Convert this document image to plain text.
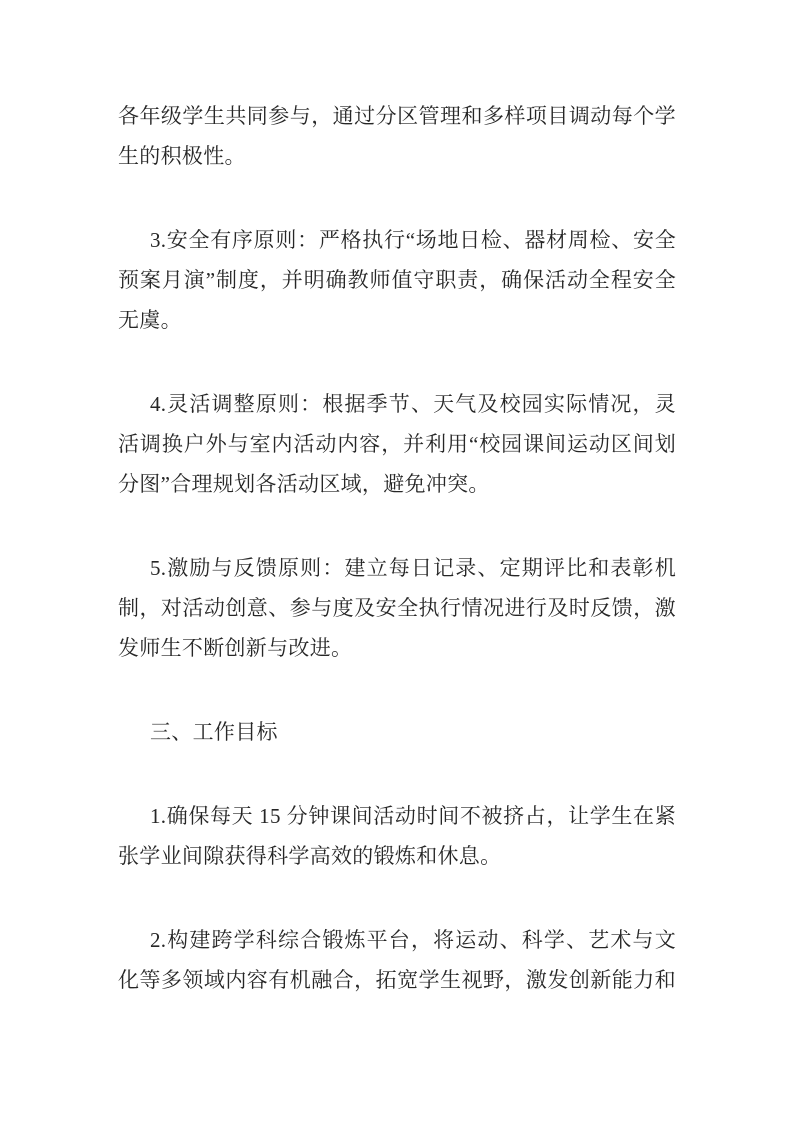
各年级学生共同参与，通过分区管理和多样项目调动每个学生的积极性。

3.安全有序原则：严格执行“场地日检、器材周检、安全预案月演”制度，并明确教师值守职责，确保活动全程安全无虞。

4.灵活调整原则：根据季节、天气及校园实际情况，灵活调换户外与室内活动内容，并利用“校园课间运动区间划分图”合理规划各活动区域，避免冲突。

5.激励与反馈原则：建立每日记录、定期评比和表彰机制，对活动创意、参与度及安全执行情况进行及时反馈，激发师生不断创新与改进。

三、工作目标

1.确保每天 15 分钟课间活动时间不被挤占，让学生在紧张学业间隙获得科学高效的锻炼和休息。

2.构建跨学科综合锻炼平台，将运动、科学、艺术与文化等多领域内容有机融合，拓宽学生视野，激发创新能力和
